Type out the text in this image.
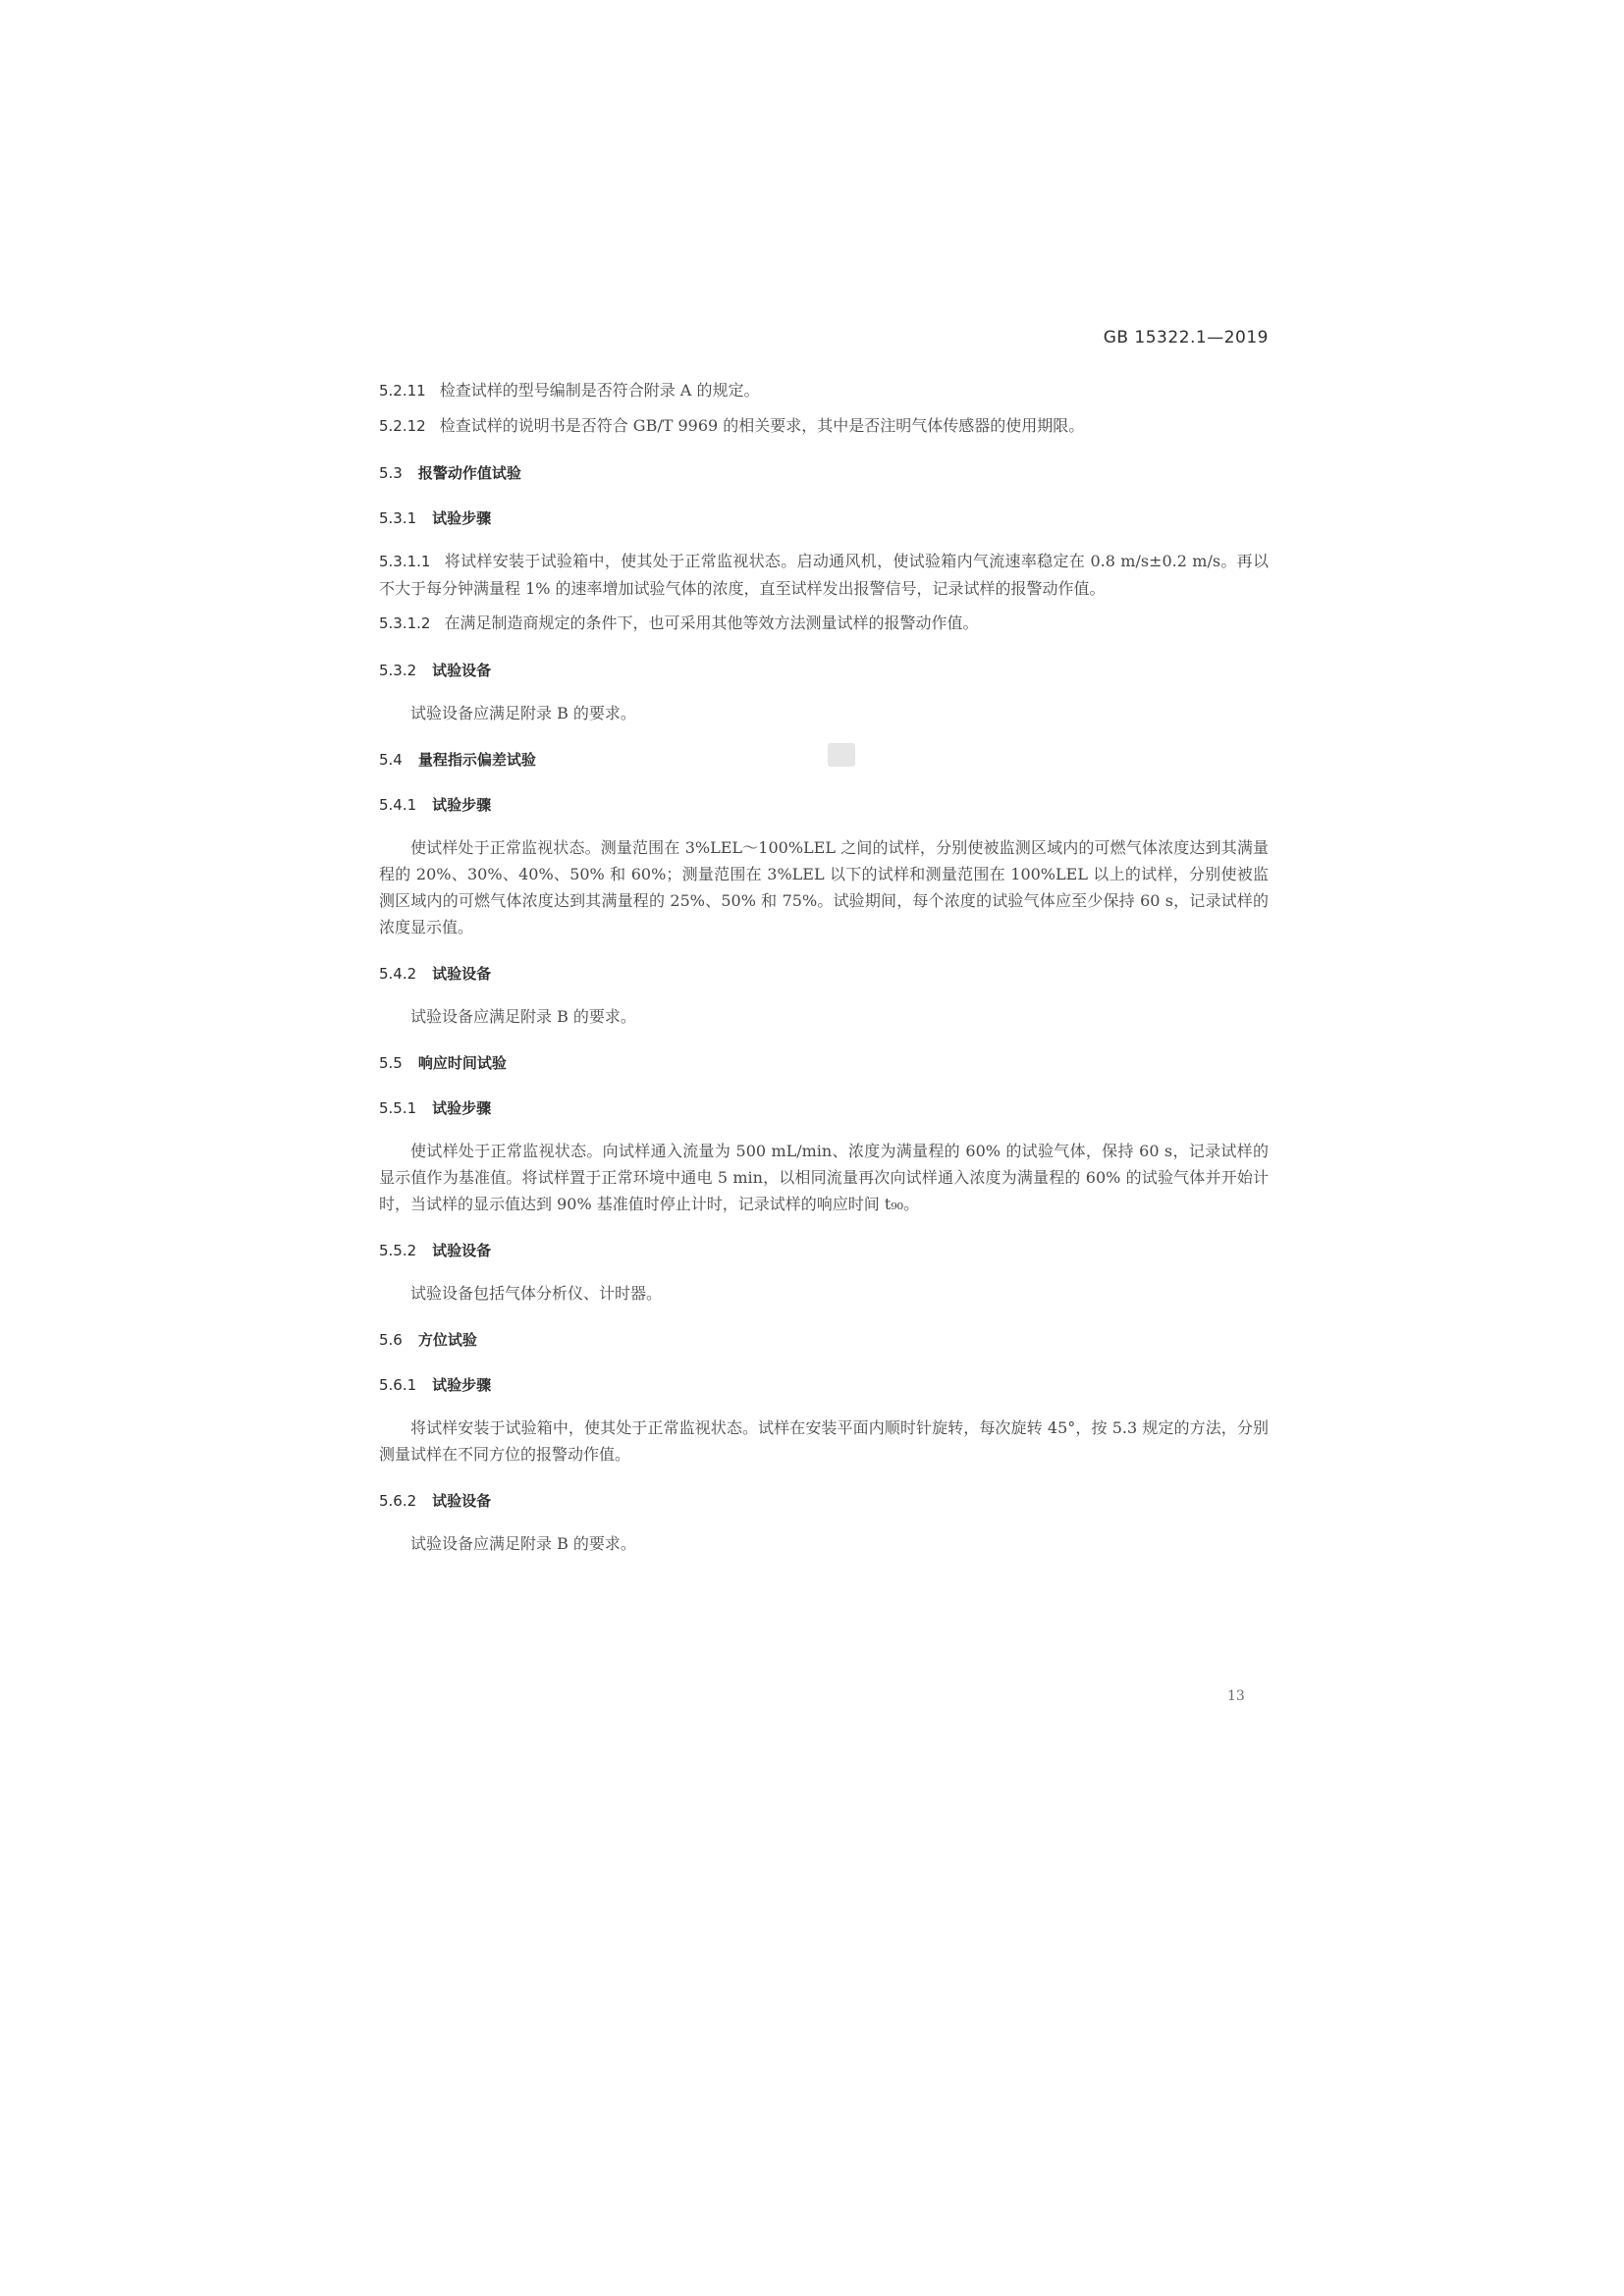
GB 15322.1—2019

5.2.11 检查试样的型号编制是否符合附录 A 的规定。

5.2.12 检查试样的说明书是否符合 GB/T 9969 的相关要求，其中是否注明气体传感器的使用期限。

5.3 报警动作值试验
5.3.1 试验步骤

5.3.1.1 将试样安装于试验箱中，使其处于正常监视状态。启动通风机，使试验箱内气流速率稳定在 0.8 m/s±0.2 m/s。再以不大于每分钟满量程 1% 的速率增加试验气体的浓度，直至试样发出报警信号，记录试样的报警动作值。

5.3.1.2 在满足制造商规定的条件下，也可采用其他等效方法测量试样的报警动作值。

5.3.2 试验设备

试验设备应满足附录 B 的要求。

5.4 量程指示偏差试验
5.4.1 试验步骤

使试样处于正常监视状态。测量范围在 3%LEL～100%LEL 之间的试样，分别使被监测区域内的可燃气体浓度达到其满量程的 20%、30%、40%、50% 和 60%；测量范围在 3%LEL 以下的试样和测量范围在 100%LEL 以上的试样，分别使被监测区域内的可燃气体浓度达到其满量程的 25%、50% 和 75%。试验期间，每个浓度的试验气体应至少保持 60 s，记录试样的浓度显示值。

5.4.2 试验设备

试验设备应满足附录 B 的要求。

5.5 响应时间试验
5.5.1 试验步骤

使试样处于正常监视状态。向试样通入流量为 500 mL/min、浓度为满量程的 60% 的试验气体，保持 60 s，记录试样的显示值作为基准值。将试样置于正常环境中通电 5 min，以相同流量再次向试样通入浓度为满量程的 60% 的试验气体并开始计时，当试样的显示值达到 90% 基准值时停止计时，记录试样的响应时间 t₉₀。

5.5.2 试验设备

试验设备包括气体分析仪、计时器。

5.6 方位试验
5.6.1 试验步骤

将试样安装于试验箱中，使其处于正常监视状态。试样在安装平面内顺时针旋转，每次旋转 45°，按 5.3 规定的方法，分别测量试样在不同方位的报警动作值。

5.6.2 试验设备

试验设备应满足附录 B 的要求。

13
